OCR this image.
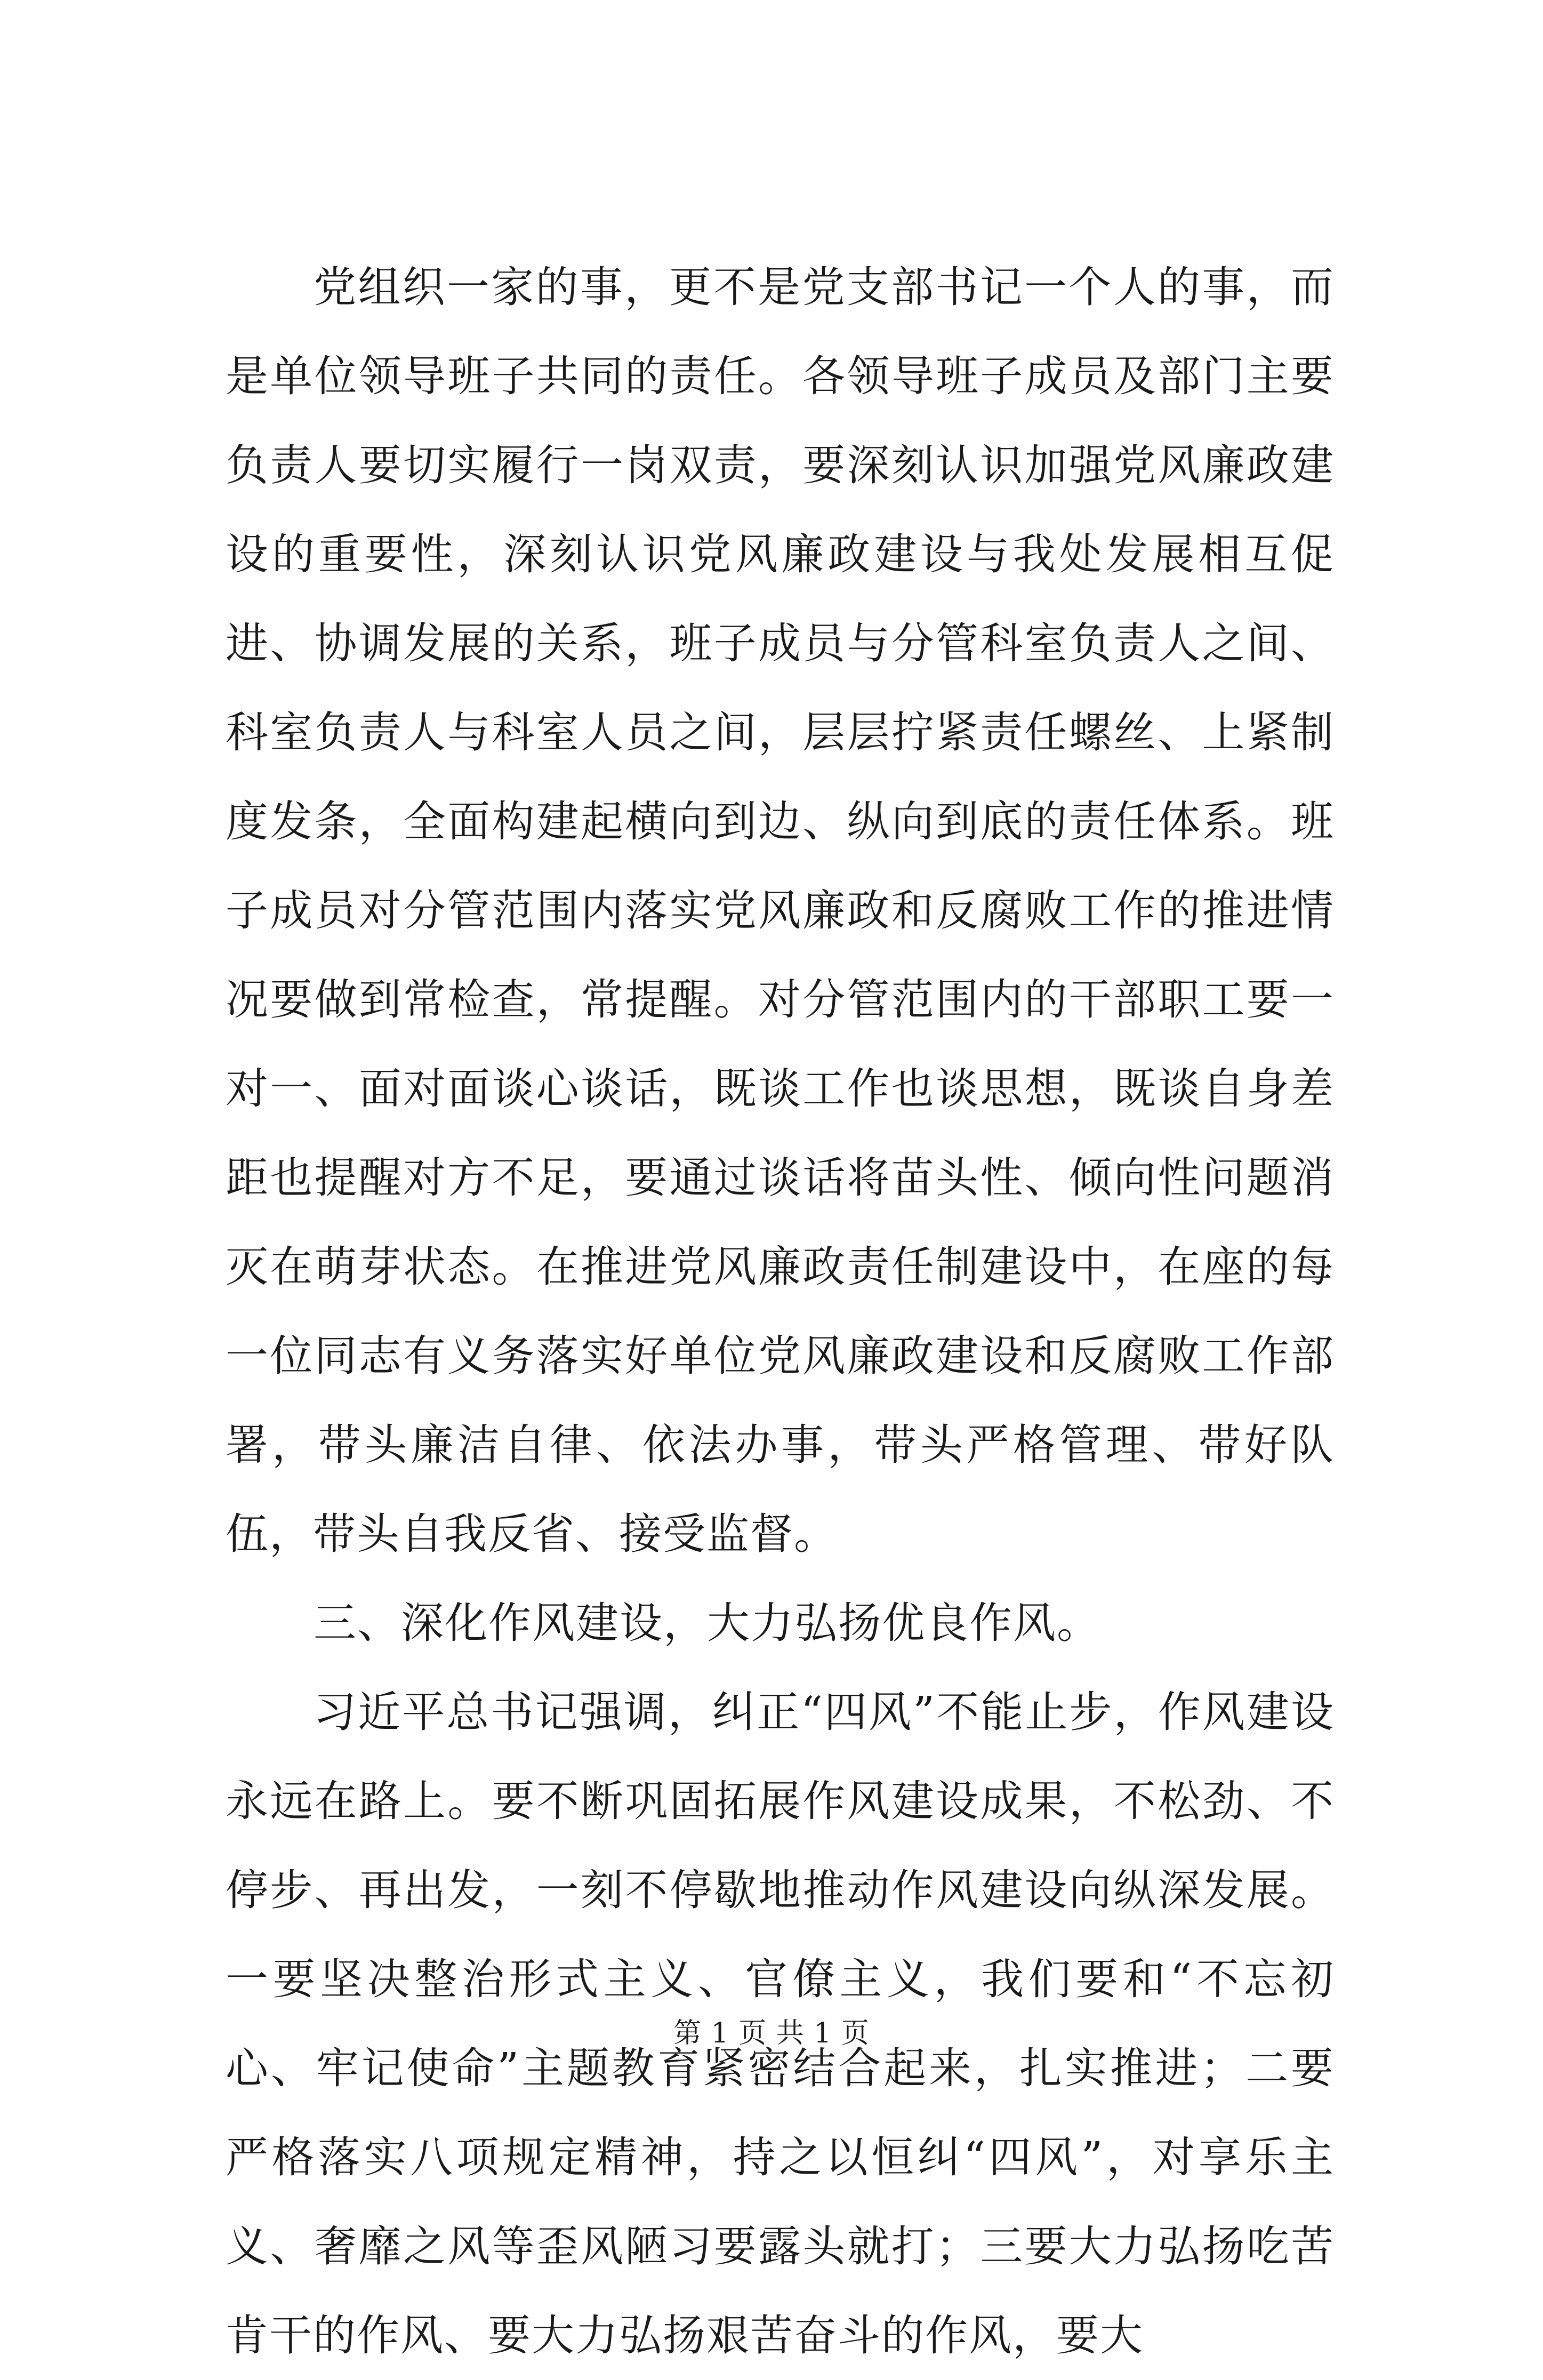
党组织一家的事，更不是党支部书记一个人的事，而是单位领导班子共同的责任。各领导班子成员及部门主要负责人要切实履行一岗双责，要深刻认识加强党风廉政建设的重要性，深刻认识党风廉政建设与我处发展相互促进、协调发展的关系，班子成员与分管科室负责人之间、科室负责人与科室人员之间，层层拧紧责任螺丝、上紧制度发条，全面构建起横向到边、纵向到底的责任体系。班子成员对分管范围内落实党风廉政和反腐败工作的推进情况要做到常检查，常提醒。对分管范围内的干部职工要一对一、面对面谈心谈话，既谈工作也谈思想，既谈自身差距也提醒对方不足，要通过谈话将苗头性、倾向性问题消灭在萌芽状态。在推进党风廉政责任制建设中，在座的每一位同志有义务落实好单位党风廉政建设和反腐败工作部署，带头廉洁自律、依法办事，带头严格管理、带好队伍，带头自我反省、接受监督。

三、深化作风建设，大力弘扬优良作风。

习近平总书记强调，纠正“四风”不能止步，作风建设永远在路上。要不断巩固拓展作风建设成果，不松劲、不停步、再出发，一刻不停歇地推动作风建设向纵深发展。一要坚决整治形式主义、官僚主义，我们要和“不忘初心、牢记使命”主题教育紧密结合起来，扎实推进；二要严格落实八项规定精神，持之以恒纠“四风”，对享乐主义、奢靡之风等歪风陋习要露头就打；三要大力弘扬吃苦肯干的作风、要大力弘扬艰苦奋斗的作风，要大

第 1 页 共 1 页
